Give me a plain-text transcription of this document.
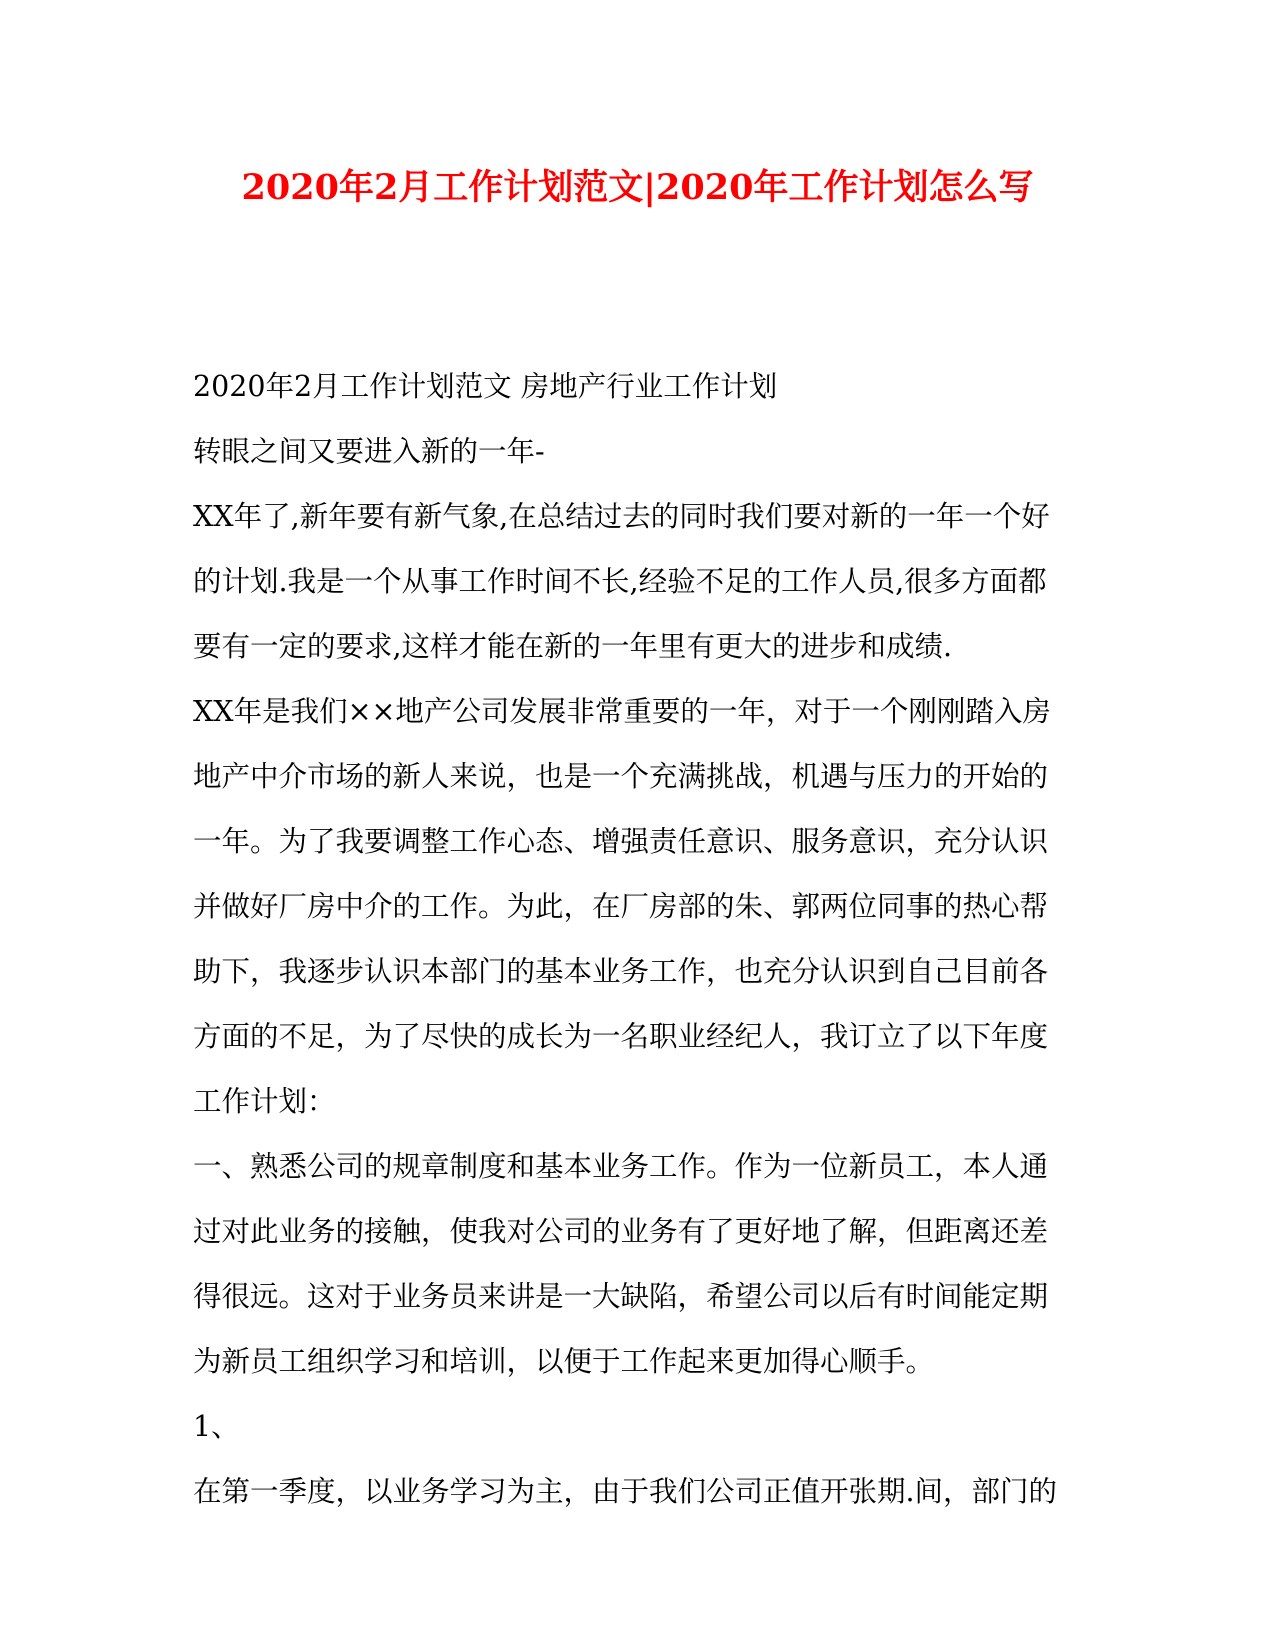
2020年2月工作计划范文|2020年工作计划怎么写
2020年2月工作计划范文 房地产行业工作计划
转眼之间又要进入新的一年-
XX年了,新年要有新气象,在总结过去的同时我们要对新的一年一个好
的计划.我是一个从事工作时间不长,经验不足的工作人员,很多方面都
要有一定的要求,这样才能在新的一年里有更大的进步和成绩.
XX年是我们××地产公司发展非常重要的一年，对于一个刚刚踏入房
地产中介市场的新人来说，也是一个充满挑战，机遇与压力的开始的
一年。为了我要调整工作心态、增强责任意识、服务意识，充分认识
并做好厂房中介的工作。为此，在厂房部的朱、郭两位同事的热心帮
助下，我逐步认识本部门的基本业务工作，也充分认识到自己目前各
方面的不足，为了尽快的成长为一名职业经纪人，我订立了以下年度
工作计划：
一、熟悉公司的规章制度和基本业务工作。作为一位新员工，本人通
过对此业务的接触，使我对公司的业务有了更好地了解，但距离还差
得很远。这对于业务员来讲是一大缺陷，希望公司以后有时间能定期
为新员工组织学习和培训，以便于工作起来更加得心顺手。
1、
在第一季度，以业务学习为主，由于我们公司正值开张期.间，部门的
